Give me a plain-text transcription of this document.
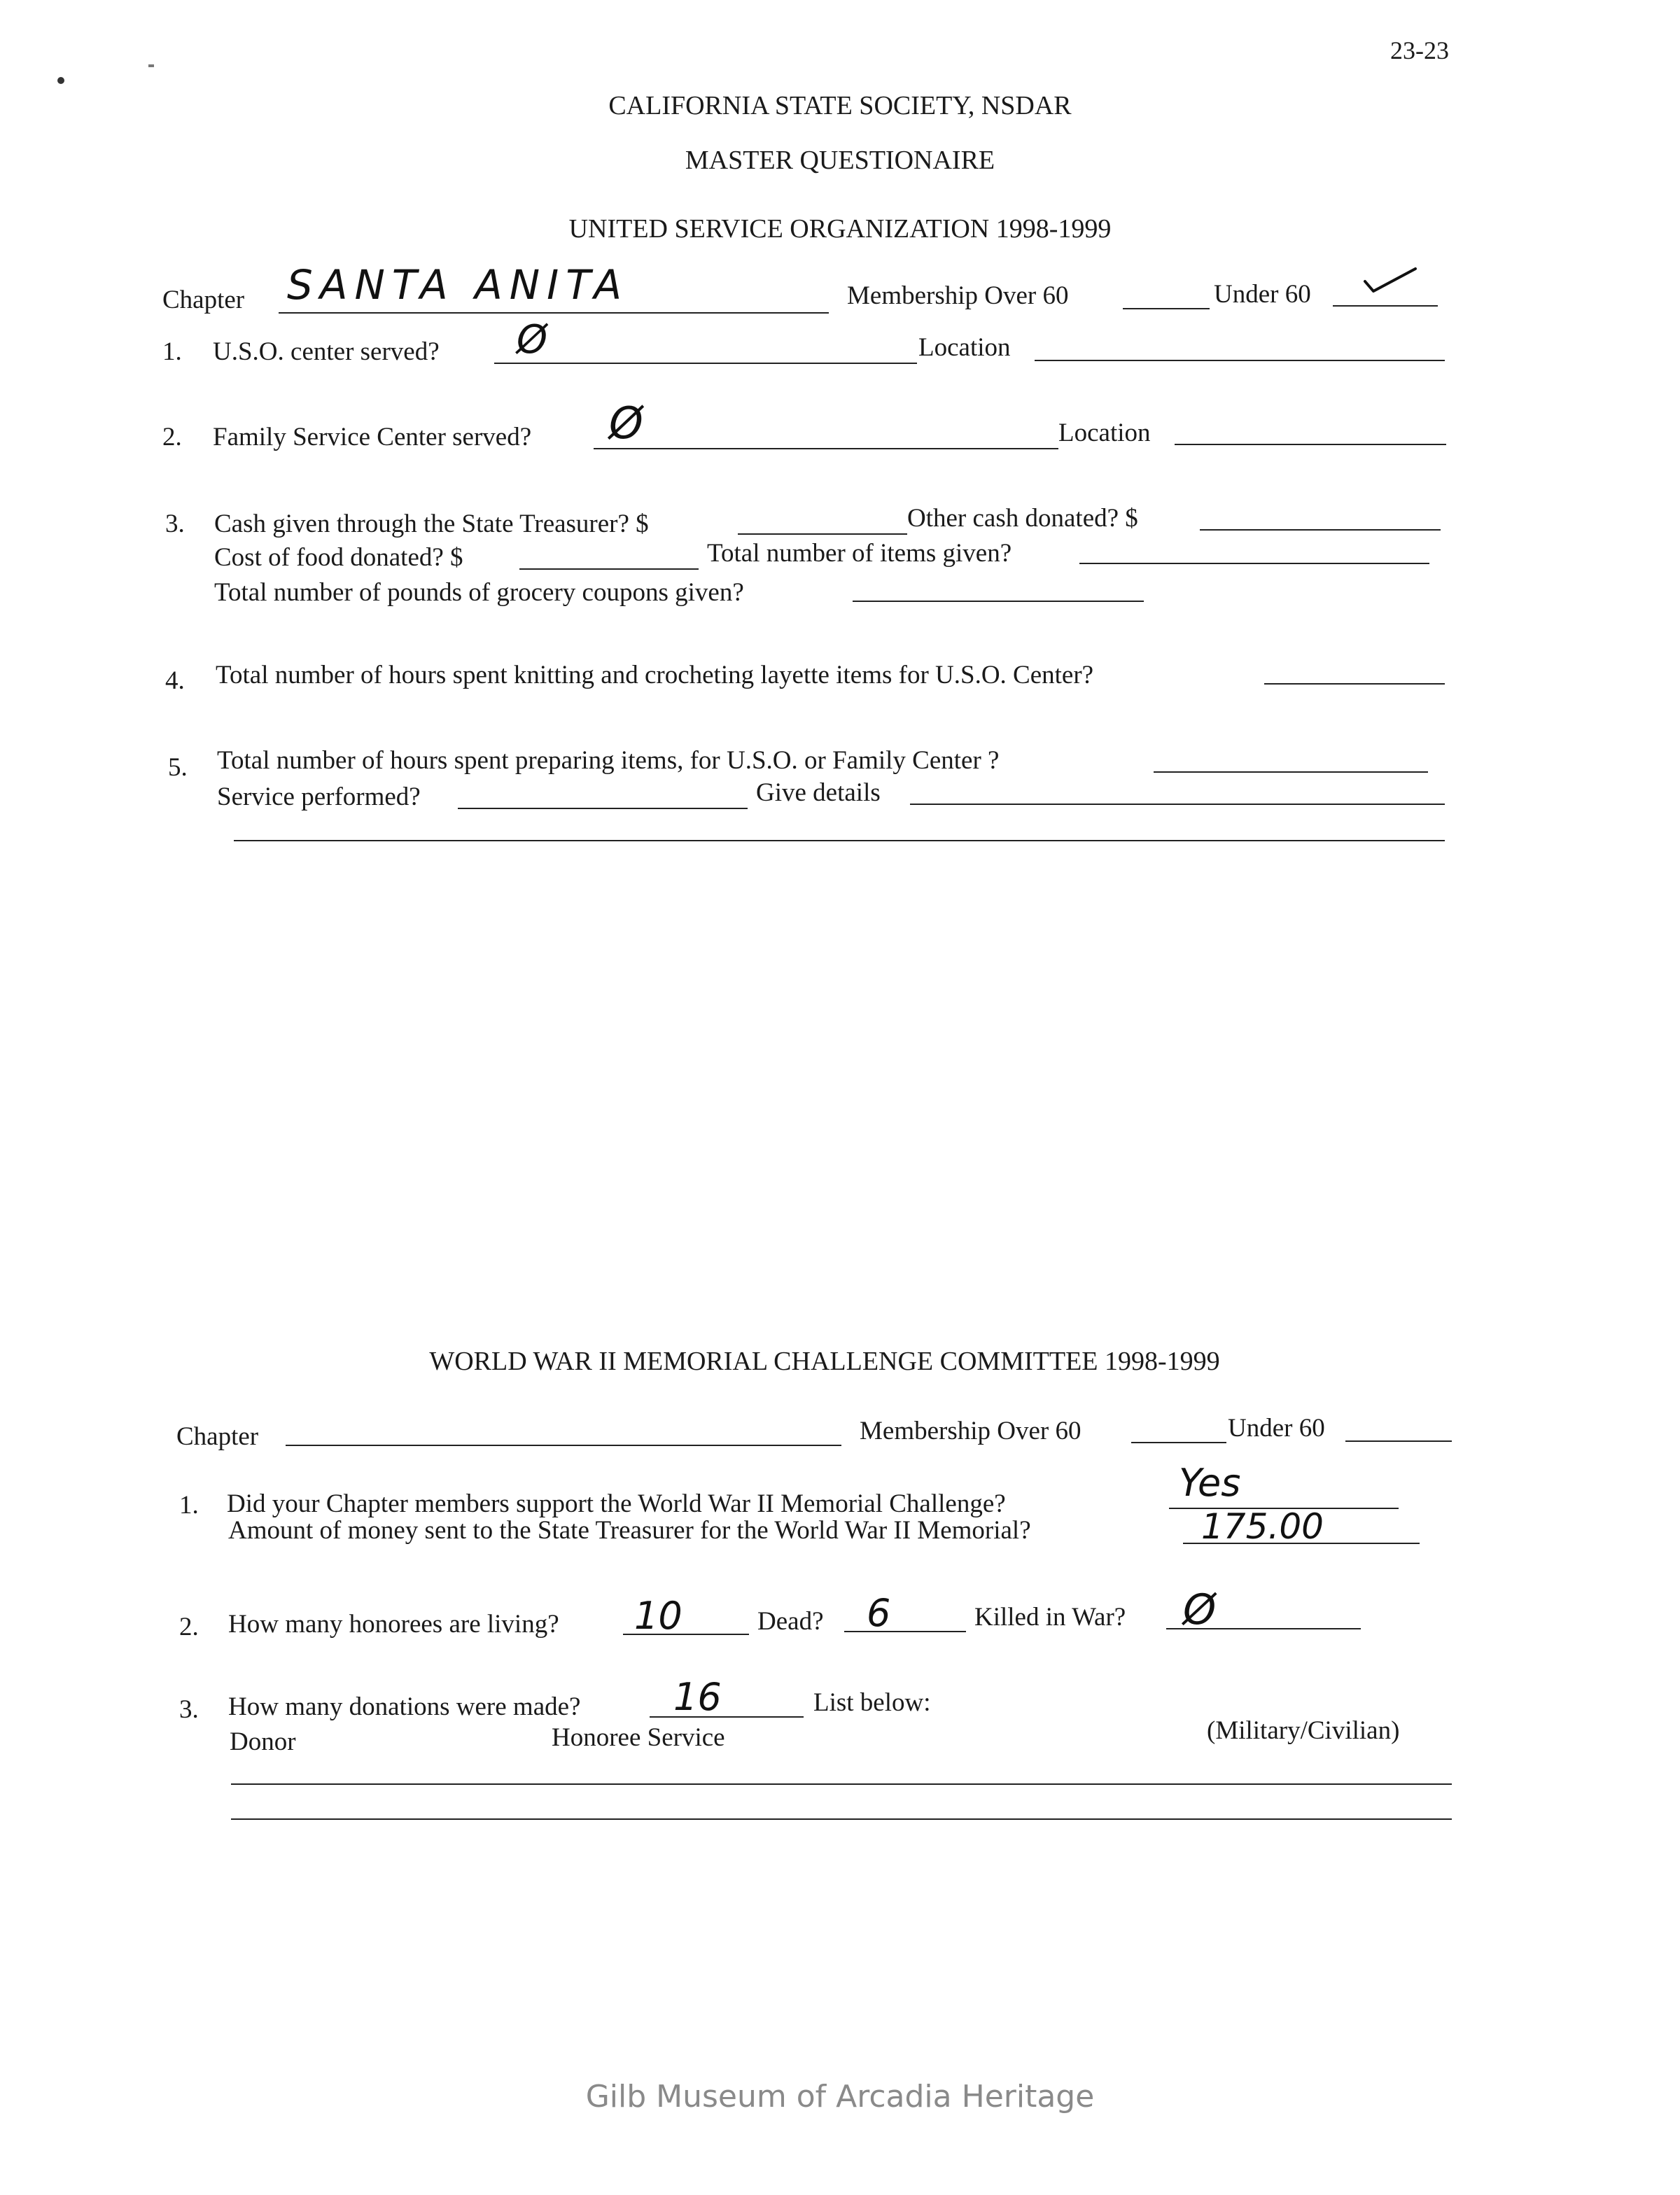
23-23
CALIFORNIA STATE SOCIETY, NSDAR
MASTER QUESTIONAIRE
UNITED SERVICE ORGANIZATION 1998-1999
Chapter SANTA ANITA	Membership Over 60	Under 60
1. U.S.O. center served? Ø	Location
2. Family Service Center served? Ø	Location
3. Cash given through the State Treasurer? $	Other cash donated? $
Cost of food donated? $	Total number of items given?
Total number of pounds of grocery coupons given?
4. Total number of hours spent knitting and crocheting layette items for U.S.O. Center?
5. Total number of hours spent preparing items, for U.S.O. or Family Center ?
Service performed?	Give details
WORLD WAR II MEMORIAL CHALLENGE COMMITTEE 1998-1999
Chapter	Membership Over 60	Under 60
1. Did your Chapter members support the World War II Memorial Challenge?	Yes
Amount of money sent to the State Treasurer for the World War II Memorial?	175.00
2. How many honorees are living? 10	Dead? 6	Killed in War? Ø
3. How many donations were made? 16	List below:
Donor	Honoree Service	(Military/Civilian)
Gilb Museum of Arcadia Heritage
